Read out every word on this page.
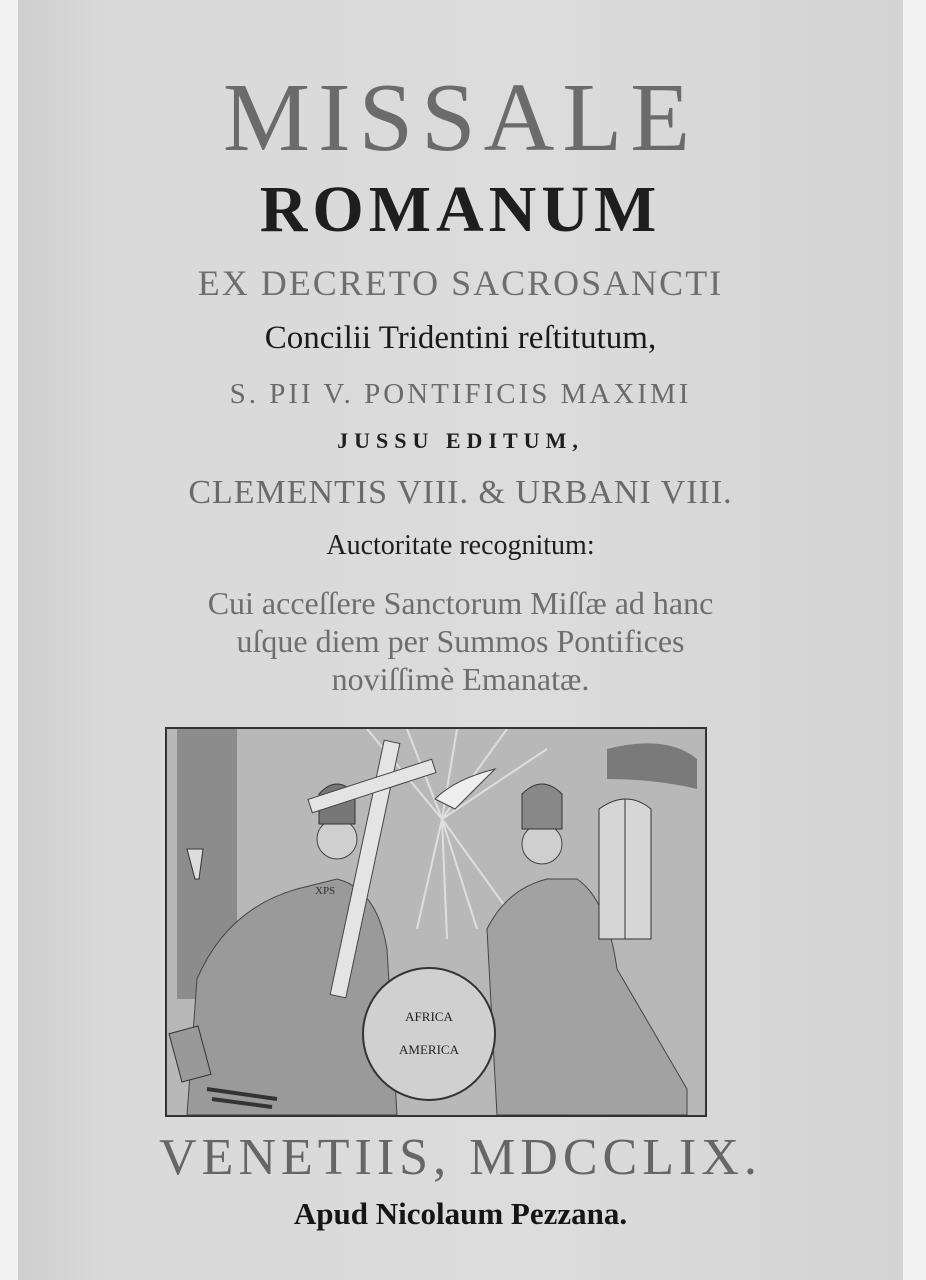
MISSALE
ROMANUM
EX DECRETO SACROSANCTI
Concilii Tridentini reſtitutum,
S. PII V. PONTIFICIS MAXIMI
JUSSU EDITUM,
CLEMENTIS VIII. & URBANI VIII.
Auctoritate recognitum:
Cui acceſſere Sanctorum Miſſæ ad hanc
uſque diem per Summos Pontifices
noviſſimè Emanatæ.
XPS
AFRICA
AMERICA
VENETIIS, MDCCLIX.
Apud Nicolaum Pezzana.
